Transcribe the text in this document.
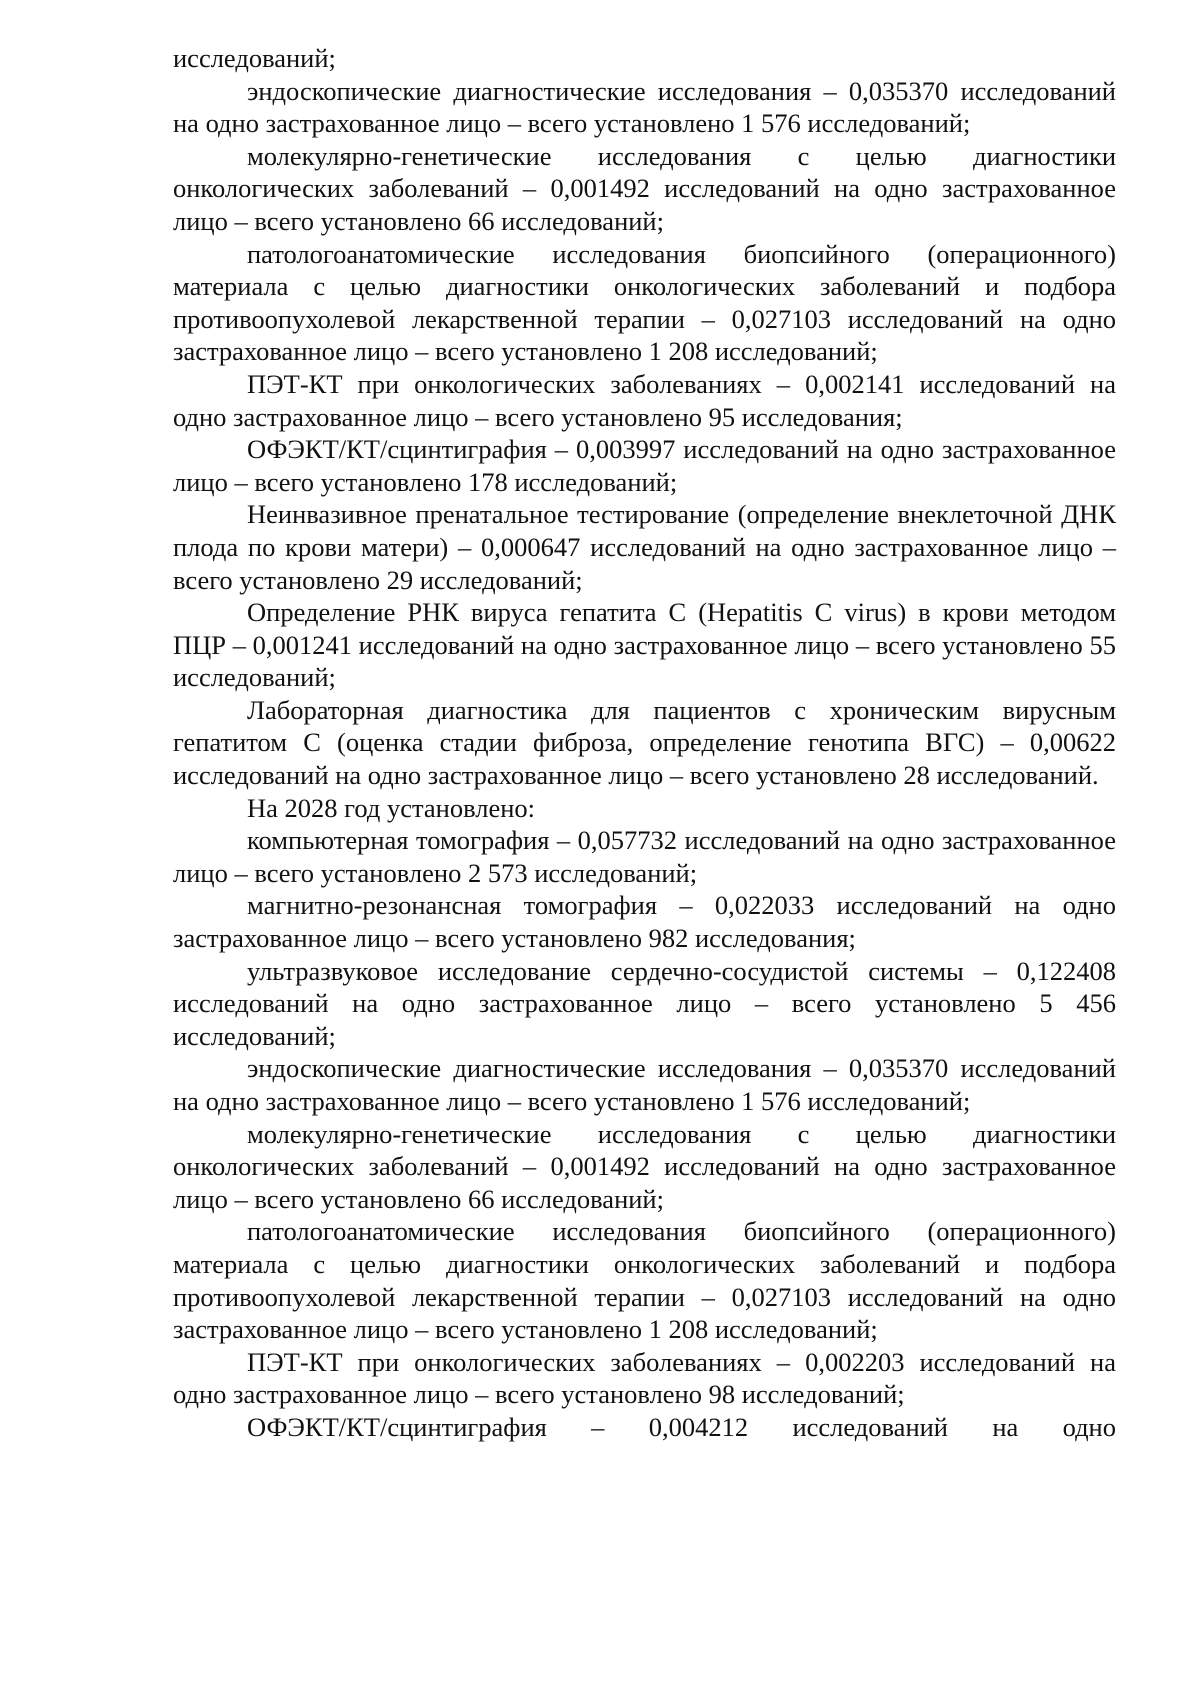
исследований;

эндоскопические диагностические исследования – 0,035370 исследований на одно застрахованное лицо – всего установлено 1 576 исследований;

молекулярно-генетические исследования с целью диагностики онкологических заболеваний – 0,001492 исследований на одно застрахованное лицо – всего установлено 66 исследований;

патологоанатомические исследования биопсийного (операционного) материала с целью диагностики онкологических заболеваний и подбора противоопухолевой лекарственной терапии – 0,027103 исследований на одно застрахованное лицо – всего установлено 1 208 исследований;

ПЭТ-КТ при онкологических заболеваниях – 0,002141 исследований на одно застрахованное лицо – всего установлено 95 исследования;

ОФЭКТ/КТ/сцинтиграфия – 0,003997 исследований на одно застрахованное лицо – всего установлено 178 исследований;

Неинвазивное пренатальное тестирование (определение внеклеточной ДНК плода по крови матери) – 0,000647 исследований на одно застрахованное лицо – всего установлено 29 исследований;

Определение РНК вируса гепатита С (Hepatitis C virus) в крови методом ПЦР – 0,001241 исследований на одно застрахованное лицо – всего установлено 55 исследований;

Лабораторная диагностика для пациентов с хроническим вирусным гепатитом С (оценка стадии фиброза, определение генотипа ВГС) – 0,00622 исследований на одно застрахованное лицо – всего установлено 28 исследований.

На 2028 год установлено:

компьютерная томография – 0,057732 исследований на одно застрахованное лицо – всего установлено 2 573 исследований;

магнитно-резонансная томография – 0,022033 исследований на одно застрахованное лицо – всего установлено 982 исследования;

ультразвуковое исследование сердечно-сосудистой системы – 0,122408 исследований на одно застрахованное лицо – всего установлено 5 456 исследований;

эндоскопические диагностические исследования – 0,035370 исследований на одно застрахованное лицо – всего установлено 1 576 исследований;

молекулярно-генетические исследования с целью диагностики онкологических заболеваний – 0,001492 исследований на одно застрахованное лицо – всего установлено 66 исследований;

патологоанатомические исследования биопсийного (операционного) материала с целью диагностики онкологических заболеваний и подбора противоопухолевой лекарственной терапии – 0,027103 исследований на одно застрахованное лицо – всего установлено 1 208 исследований;

ПЭТ-КТ при онкологических заболеваниях – 0,002203 исследований на одно застрахованное лицо – всего установлено 98 исследований;

ОФЭКТ/КТ/сцинтиграфия – 0,004212 исследований на одно
